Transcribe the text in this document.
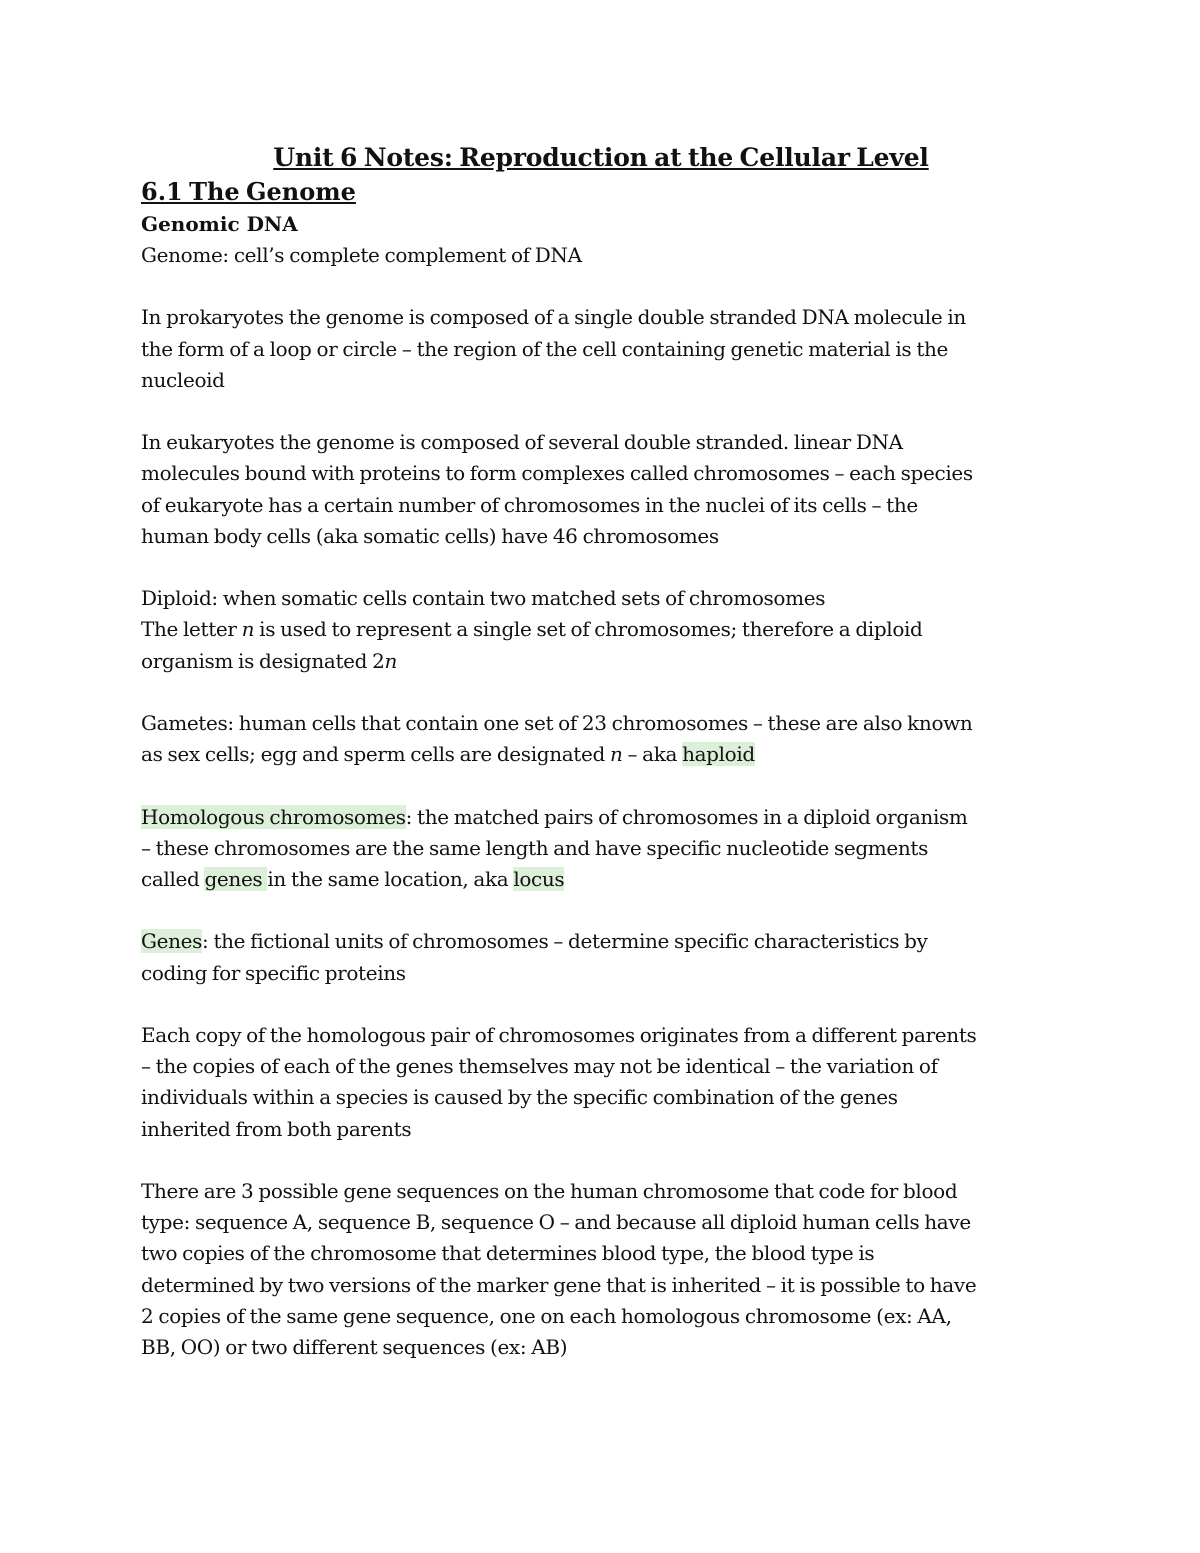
Unit 6 Notes: Reproduction at the Cellular Level
6.1 The Genome
Genomic DNA

Genome: cell’s complete complement of DNA

In prokaryotes the genome is composed of a single double stranded DNA molecule in
the form of a loop or circle – the region of the cell containing genetic material is the
nucleoid

In eukaryotes the genome is composed of several double stranded. linear DNA
molecules bound with proteins to form complexes called chromosomes – each species
of eukaryote has a certain number of chromosomes in the nuclei of its cells – the
human body cells (aka somatic cells) have 46 chromosomes

Diploid: when somatic cells contain two matched sets of chromosomes
The letter n is used to represent a single set of chromosomes; therefore a diploid
organism is designated 2n

Gametes: human cells that contain one set of 23 chromosomes – these are also known
as sex cells; egg and sperm cells are designated n – aka haploid

Homologous chromosomes: the matched pairs of chromosomes in a diploid organism
– these chromosomes are the same length and have specific nucleotide segments
called genes in the same location, aka locus

Genes: the fictional units of chromosomes – determine specific characteristics by
coding for specific proteins

Each copy of the homologous pair of chromosomes originates from a different parents
– the copies of each of the genes themselves may not be identical – the variation of
individuals within a species is caused by the specific combination of the genes
inherited from both parents

There are 3 possible gene sequences on the human chromosome that code for blood
type: sequence A, sequence B, sequence O – and because all diploid human cells have
two copies of the chromosome that determines blood type, the blood type is
determined by two versions of the marker gene that is inherited – it is possible to have
2 copies of the same gene sequence, one on each homologous chromosome (ex: AA,
BB, OO) or two different sequences (ex: AB)
